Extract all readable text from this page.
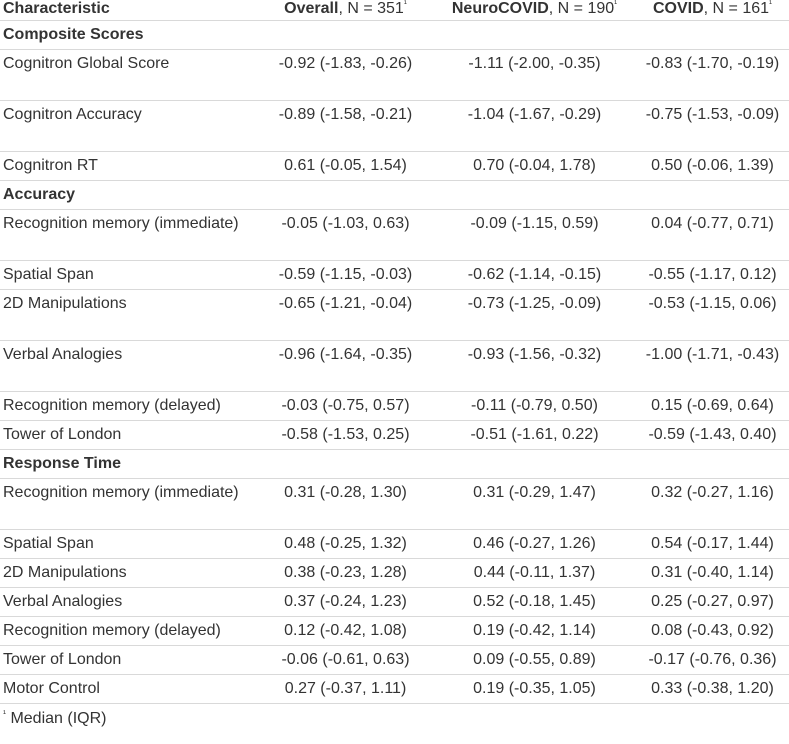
Characteristic	Overall, $N = 351^{^1}$	NeuroCOVID, $N = 190^{^1}$	COVID, $N = 161^{^1}$
Composite Scores			
Cognitron Global Score	-0.92 (-1.83, -0.26)	-1.11 (-2.00, -0.35)	-0.83 (-1.70, -0.19)
Cognitron Accuracy	-0.89 (-1.58, -0.21)	-1.04 (-1.67, -0.29)	-0.75 (-1.53, -0.09)
Cognitron RT	0.61 (-0.05, 1.54)	0.70 (-0.04, 1.78)	0.50 (-0.06, 1.39)
Accuracy			
Recognition memory (immediate)	-0.05 (-1.03, 0.63)	-0.09 (-1.15, 0.59)	0.04 (-0.77, 0.71)
Spatial Span	-0.59 (-1.15, -0.03)	-0.62 (-1.14, -0.15)	-0.55 (-1.17, 0.12)
2D Manipulations	-0.65 (-1.21, -0.04)	-0.73 (-1.25, -0.09)	-0.53 (-1.15, 0.06)
Verbal Analogies	-0.96 (-1.64, -0.35)	-0.93 (-1.56, -0.32)	-1.00 (-1.71, -0.43)
Recognition memory (delayed)	-0.03 (-0.75, 0.57)	-0.11 (-0.79, 0.50)	0.15 (-0.69, 0.64)
Tower of London	-0.58 (-1.53, 0.25)	-0.51 (-1.61, 0.22)	-0.59 (-1.43, 0.40)
Response Time			
Recognition memory (immediate)	0.31 (-0.28, 1.30)	0.31 (-0.29, 1.47)	0.32 (-0.27, 1.16)
Spatial Span	0.48 (-0.25, 1.32)	0.46 (-0.27, 1.26)	0.54 (-0.17, 1.44)
2D Manipulations	0.38 (-0.23, 1.28)	0.44 (-0.11, 1.37)	0.31 (-0.40, 1.14)
Verbal Analogies	0.37 (-0.24, 1.23)	0.52 (-0.18, 1.45)	0.25 (-0.27, 0.97)
Recognition memory (delayed)	0.12 (-0.42, 1.08)	0.19 (-0.42, 1.14)	0.08 (-0.43, 0.92)
Tower of London	-0.06 (-0.61, 0.63)	0.09 (-0.55, 0.89)	-0.17 (-0.76, 0.36)
Motor Control	0.27 (-0.37, 1.11)	0.19 (-0.35, 1.05)	0.33 (-0.38, 1.20)
$^{^1}$ Median (IQR)
